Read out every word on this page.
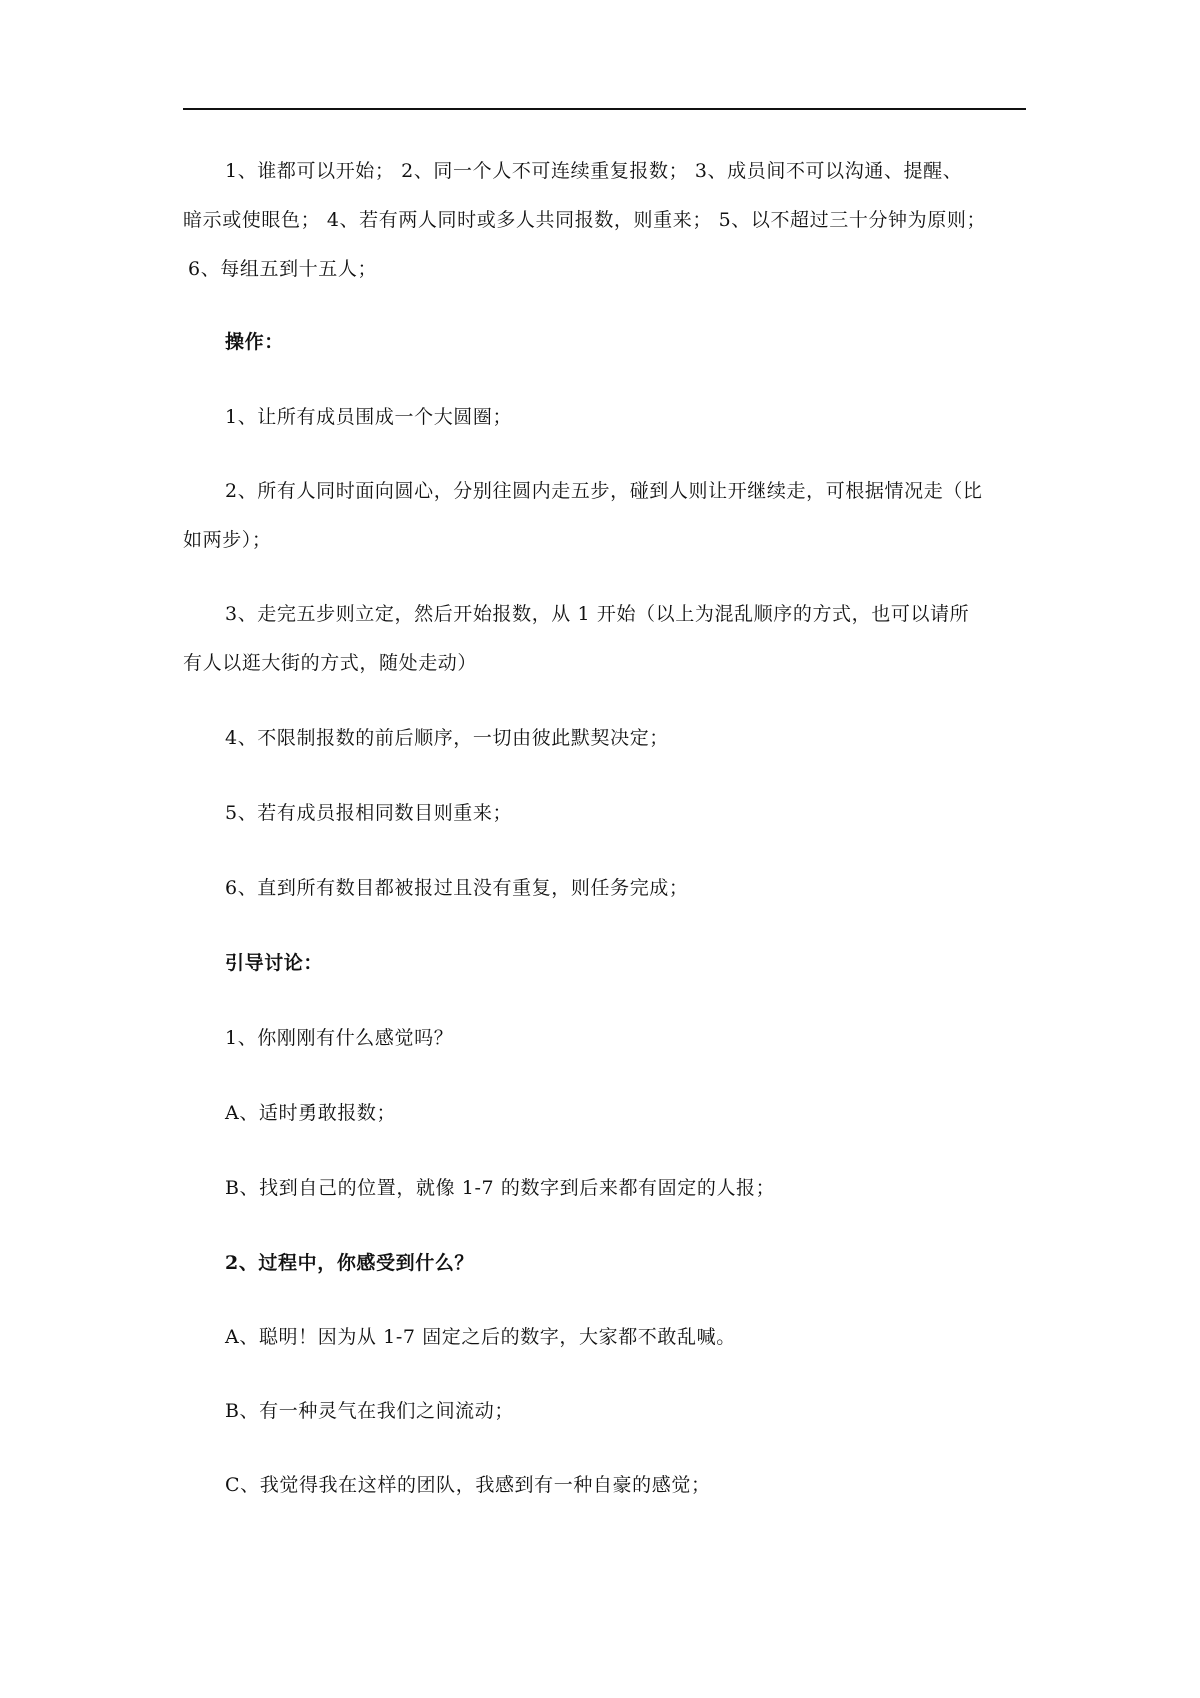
1、谁都可以开始； 2、同一个人不可连续重复报数； 3、成员间不可以沟通、提醒、
暗示或使眼色； 4、若有两人同时或多人共同报数，则重来； 5、以不超过三十分钟为原则；
6、每组五到十五人；
操作：
1、让所有成员围成一个大圆圈；
2、所有人同时面向圆心，分别往圆内走五步，碰到人则让开继续走，可根据情况走（比
如两步）；
3、走完五步则立定，然后开始报数，从 1 开始（以上为混乱顺序的方式，也可以请所
有人以逛大街的方式，随处走动）
4、不限制报数的前后顺序，一切由彼此默契决定；
5、若有成员报相同数目则重来；
6、直到所有数目都被报过且没有重复，则任务完成；
引导讨论：
1、你刚刚有什么感觉吗？
A、适时勇敢报数；
B、找到自己的位置，就像 1-7 的数字到后来都有固定的人报；
2、过程中，你感受到什么？
A、聪明！因为从 1-7 固定之后的数字，大家都不敢乱喊。
B、有一种灵气在我们之间流动；
C、我觉得我在这样的团队，我感到有一种自豪的感觉；
